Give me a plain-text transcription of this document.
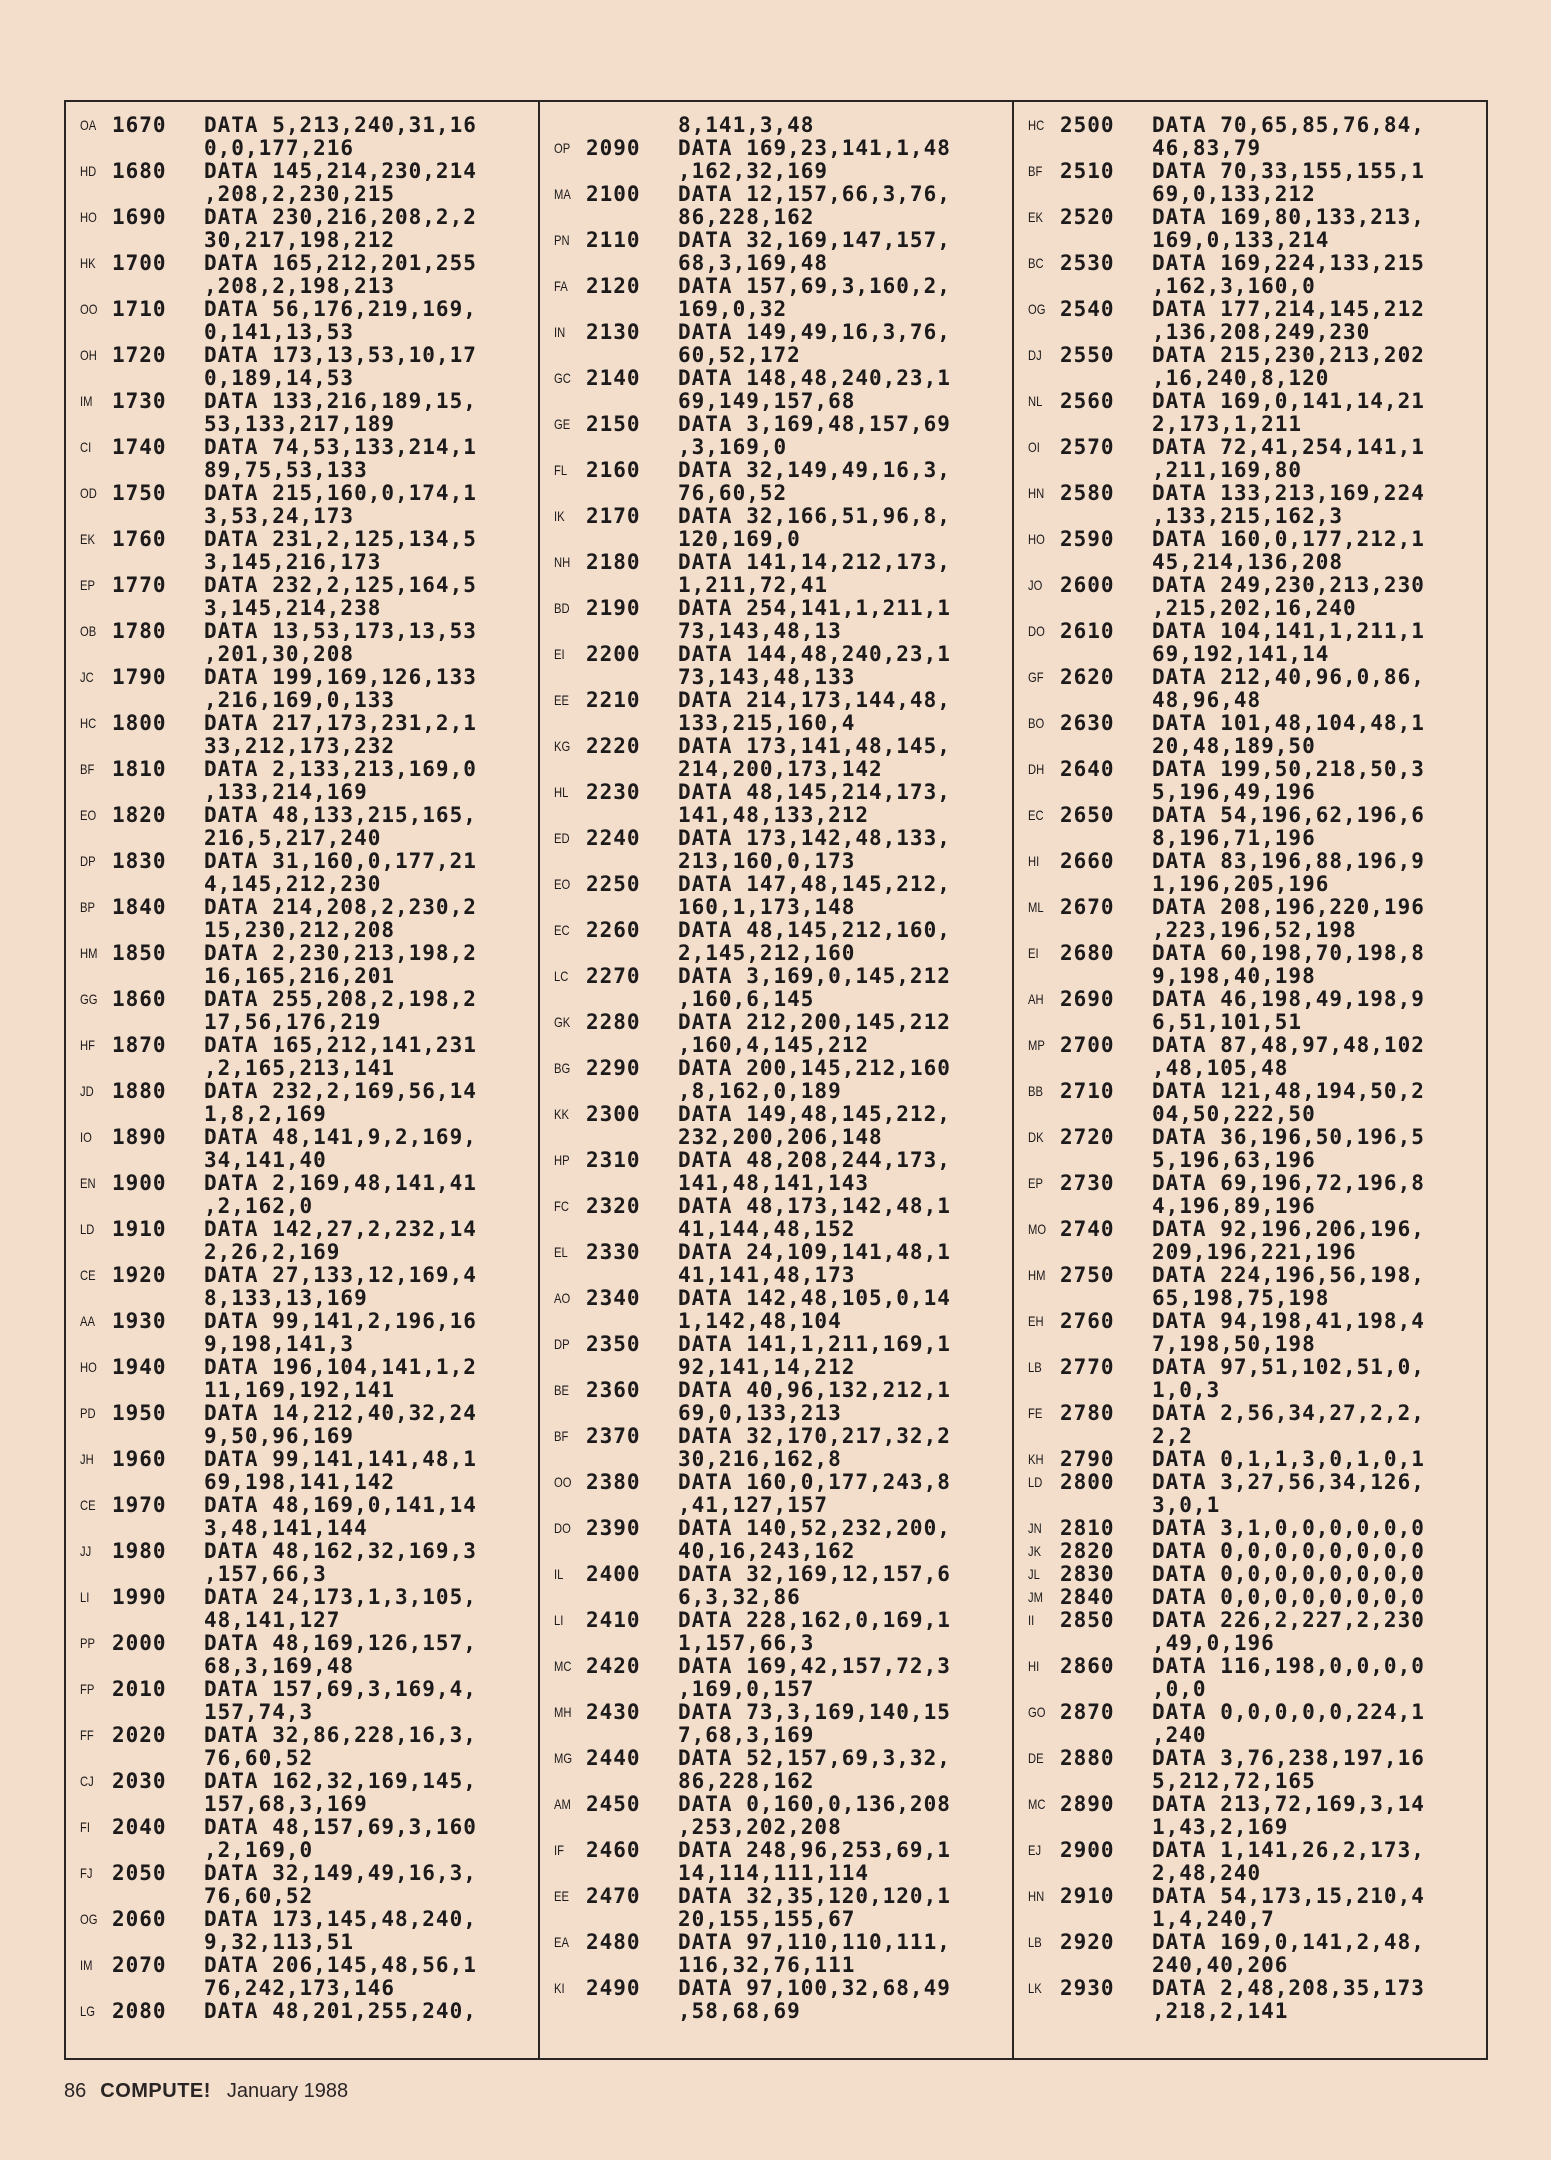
OA 1670	DATA 5,213,240,31,16
0,0,177,216
HD 1680	DATA 145,214,230,214
,208,2,230,215
HO 1690	DATA 230,216,208,2,2
30,217,198,212
HK 1700	DATA 165,212,201,255
,208,2,198,213
OO 1710	DATA 56,176,219,169,
0,141,13,53
OH 1720	DATA 173,13,53,10,17
0,189,14,53
IM 1730	DATA 133,216,189,15,
53,133,217,189
CI 1740	DATA 74,53,133,214,1
89,75,53,133
OD 1750	DATA 215,160,0,174,1
3,53,24,173
EK 1760	DATA 231,2,125,134,5
3,145,216,173
EP 1770	DATA 232,2,125,164,5
3,145,214,238
OB 1780	DATA 13,53,173,13,53
,201,30,208
JC 1790	DATA 199,169,126,133
,216,169,0,133
HC 1800	DATA 217,173,231,2,1
33,212,173,232
BF 1810	DATA 2,133,213,169,0
,133,214,169
EO 1820	DATA 48,133,215,165,
216,5,217,240
DP 1830	DATA 31,160,0,177,21
4,145,212,230
BP 1840	DATA 214,208,2,230,2
15,230,212,208
HM 1850	DATA 2,230,213,198,2
16,165,216,201
GG 1860	DATA 255,208,2,198,2
17,56,176,219
HF 1870	DATA 165,212,141,231
,2,165,213,141
JD 1880	DATA 232,2,169,56,14
1,8,2,169
IO 1890	DATA 48,141,9,2,169,
34,141,40
EN 1900	DATA 2,169,48,141,41
,2,162,0
LD 1910	DATA 142,27,2,232,14
2,26,2,169
CE 1920	DATA 27,133,12,169,4
8,133,13,169
AA 1930	DATA 99,141,2,196,16
9,198,141,3
HO 1940	DATA 196,104,141,1,2
11,169,192,141
PD 1950	DATA 14,212,40,32,24
9,50,96,169
JH 1960	DATA 99,141,141,48,1
69,198,141,142
CE 1970	DATA 48,169,0,141,14
3,48,141,144
JJ 1980	DATA 48,162,32,169,3
,157,66,3
LI	1990	DATA 24,173,1,3,105,
48,141,127
PP 2000	DATA 48,169,126,157,
68,3,169,48
FP 2010	DATA 157,69,3,169,4,
157,74,3
FF 2020	DATA 32,86,228,16,3,
76,60,52
CJ 2030	DATA 162,32,169,145,
157,68,3,169
FI	2040	DATA 48,157,69,3,160
,2,169,0
FJ 2050	DATA 32,149,49,16,3,
76,60,52
OG 2060	DATA 173,145,48,240,
9,32,113,51
IM 2070	DATA 206,145,48,56,1
76,242,173,146
LG 2080	DATA 48,201,255,240,
8,141,3,48
OP 2090	DATA 169,23,141,1,48
,162,32,169
MA 2100	DATA 12,157,66,3,76,
86,228,162
PN 2110	DATA 32,169,147,157,
68,3,169,48
FA 2120	DATA 157,69,3,160,2,
169,0,32
IN 2130	DATA 149,49,16,3,76,
60,52,172
GC 2140	DATA 148,48,240,23,1
69,149,157,68
GE 2150	DATA 3,169,48,157,69
,3,169,0
FL 2160	DATA 32,149,49,16,3,
76,60,52
IK	2170	DATA 32,166,51,96,8,
120,169,0
NH 2180	DATA 141,14,212,173,
1,211,72,41
BD 2190	DATA 254,141,1,211,1
73,143,48,13
EI	2200	DATA 144,48,240,23,1
73,143,48,133
EE 2210	DATA 214,173,144,48,
133,215,160,4
KG 2220	DATA 173,141,48,145,
214,200,173,142
HL 2230	DATA 48,145,214,173,
141,48,133,212
ED 2240	DATA 173,142,48,133,
213,160,0,173
EO 2250	DATA 147,48,145,212,
160,1,173,148
EC 2260	DATA 48,145,212,160,
2,145,212,160
LC 2270	DATA 3,169,0,145,212
,160,6,145
GK 2280	DATA 212,200,145,212
,160,4,145,212
BG 2290	DATA 200,145,212,160
,8,162,0,189
KK 2300	DATA 149,48,145,212,
232,200,206,148
HP 2310	DATA 48,208,244,173,
141,48,141,143
FC 2320	DATA 48,173,142,48,1
41,144,48,152
EL 2330	DATA 24,109,141,48,1
41,141,48,173
AO 2340	DATA 142,48,105,0,14
1,142,48,104
DP 2350	DATA 141,1,211,169,1
92,141,14,212
BE 2360	DATA 40,96,132,212,1
69,0,133,213
BF 2370	DATA 32,170,217,32,2
30,216,162,8
OO 2380	DATA 160,0,177,243,8
,41,127,157
DO 2390	DATA 140,52,232,200,
40,16,243,162
IL	2400	DATA 32,169,12,157,6
6,3,32,86
LI	2410	DATA 228,162,0,169,1
1,157,66,3
MC 2420	DATA 169,42,157,72,3
,169,0,157
MH 2430	DATA 73,3,169,140,15
7,68,3,169
MG 2440	DATA 52,157,69,3,32,
86,228,162
AM 2450	DATA 0,160,0,136,208
,253,202,208
IF	2460	DATA 248,96,253,69,1
14,114,111,114
EE 2470	DATA 32,35,120,120,1
20,155,155,67
EA 2480	DATA 97,110,110,111,
116,32,76,111
KI	2490	DATA 97,100,32,68,49
,58,68,69
HC 2500	DATA 70,65,85,76,84,
46,83,79
BF 2510	DATA 70,33,155,155,1
69,0,133,212
EK 2520	DATA 169,80,133,213,
169,0,133,214
BC 2530	DATA 169,224,133,215
,162,3,160,0
OG 2540	DATA 177,214,145,212
,136,208,249,230
DJ 2550	DATA 215,230,213,202
,16,240,8,120
NL 2560	DATA 169,0,141,14,21
2,173,1,211
OI 2570	DATA 72,41,254,141,1
,211,169,80
HN 2580	DATA 133,213,169,224
,133,215,162,3
HO 2590	DATA 160,0,177,212,1
45,214,136,208
JO 2600	DATA 249,230,213,230
,215,202,16,240
DO 2610	DATA 104,141,1,211,1
69,192,141,14
GF 2620	DATA 212,40,96,0,86,
48,96,48
BO 2630	DATA 101,48,104,48,1
20,48,189,50
DH 2640	DATA 199,50,218,50,3
5,196,49,196
EC 2650	DATA 54,196,62,196,6
8,196,71,196
HI 2660	DATA 83,196,88,196,9
1,196,205,196
ML 2670	DATA 208,196,220,196
,223,196,52,198
EI	2680	DATA 60,198,70,198,8
9,198,40,198
AH 2690	DATA 46,198,49,198,9
6,51,101,51
MP 2700	DATA 87,48,97,48,102
,48,105,48
BB 2710	DATA 121,48,194,50,2
04,50,222,50
DK 2720	DATA 36,196,50,196,5
5,196,63,196
EP 2730	DATA 69,196,72,196,8
4,196,89,196
MO 2740	DATA 92,196,206,196,
209,196,221,196
HM 2750	DATA 224,196,56,198,
65,198,75,198
EH 2760	DATA 94,198,41,198,4
7,198,50,198
LB 2770	DATA 97,51,102,51,0,
1,0,3
FE 2780	DATA 2,56,34,27,2,2,
2,2
KH 2790	DATA 0,1,1,3,0,1,0,1
LD 2800	DATA 3,27,56,34,126,
3,0,1
JN 2810	DATA 3,1,0,0,0,0,0,0
JK 2820	DATA 0,0,0,0,0,0,0,0
JL 2830	DATA 0,0,0,0,0,0,0,0
JM 2840	DATA 0,0,0,0,0,0,0,0
II	2850	DATA 226,2,227,2,230
,49,0,196
HI 2860	DATA 116,198,0,0,0,0
,0,0
GO 2870	DATA 0,0,0,0,0,224,1
,240
DE 2880	DATA 3,76,238,197,16
5,212,72,165
MC 2890	DATA 213,72,169,3,14
1,43,2,169
EJ 2900	DATA 1,141,26,2,173,
2,48,240
HN 2910	DATA 54,173,15,210,4
1,4,240,7
LB 2920	DATA 169,0,141,2,48,
240,40,206
LK 2930	DATA 2,48,208,35,173
,218,2,141
86 COMPUTE! January 1988
